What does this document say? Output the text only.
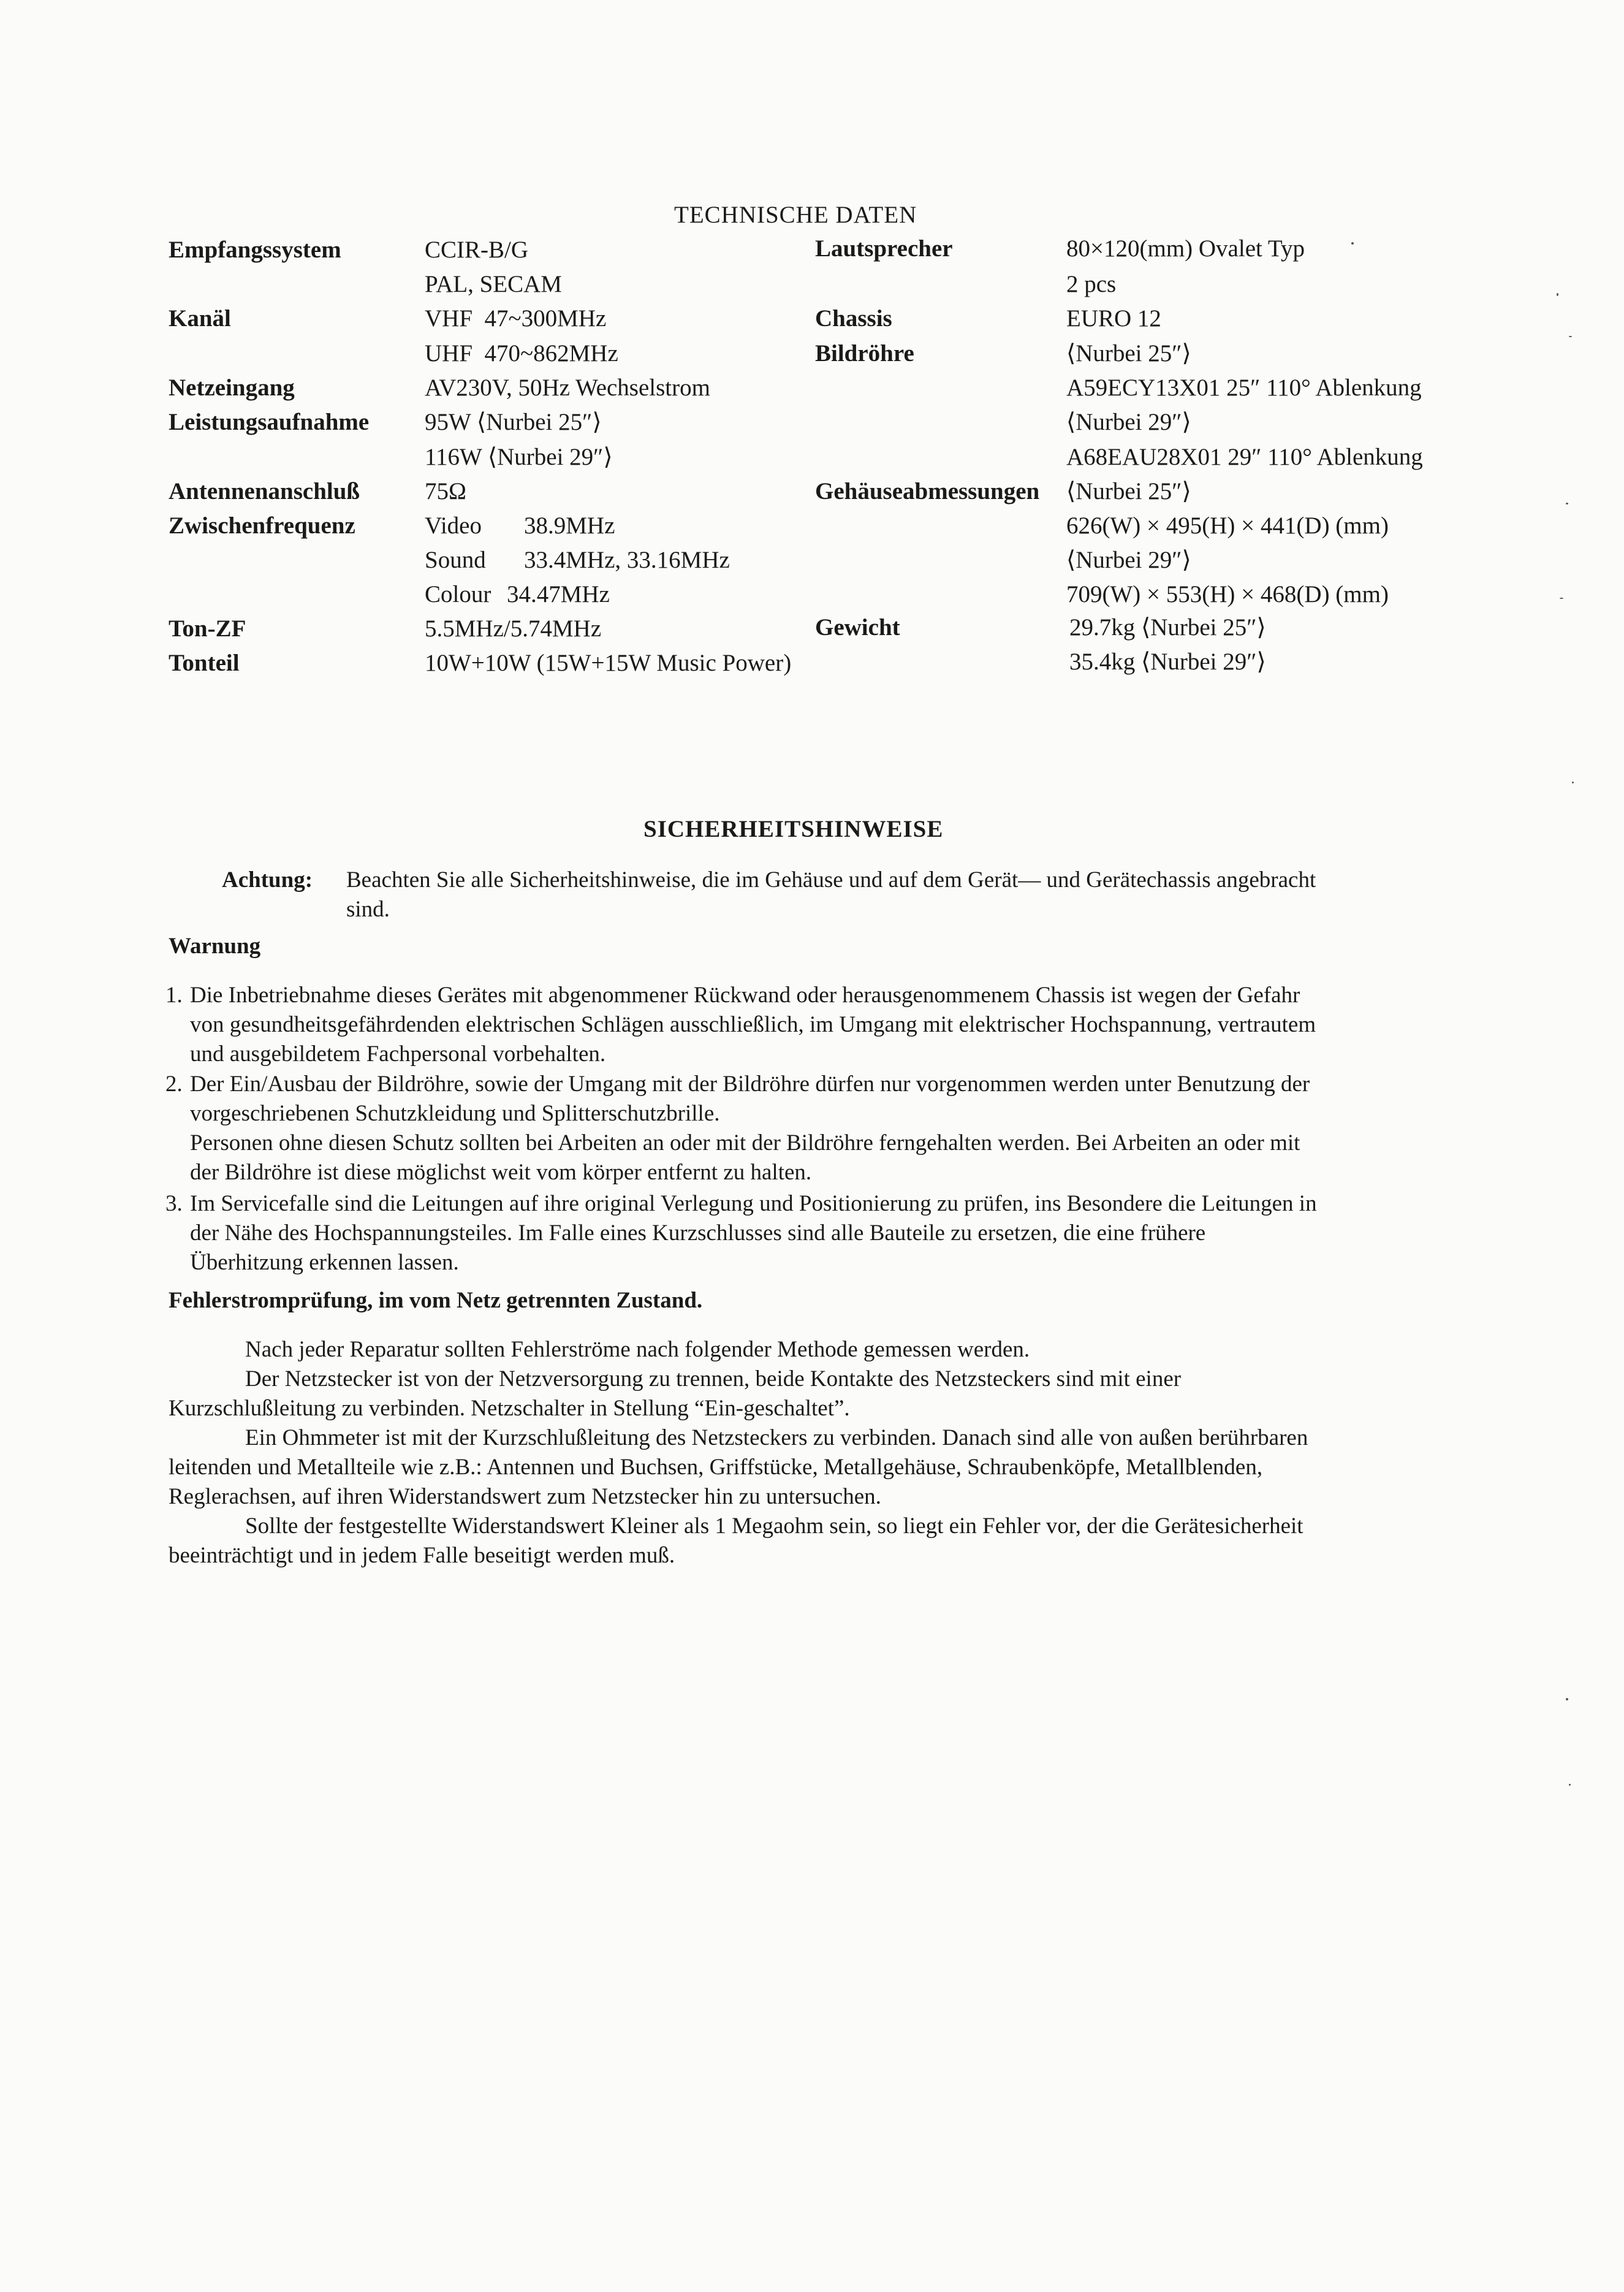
TECHNISCHE DATEN
Empfangssystem
Kanäl
Netzeingang
Leistungsaufnahme
Antennenanschluß
Zwischenfrequenz
Ton-ZF
Tonteil
CCIR-B/G
PAL, SECAM
VHF  47~300MHz
UHF  470~862MHz
AV230V, 50Hz Wechselstrom
95W ⟨Nurbei 25″⟩
116W ⟨Nurbei 29″⟩
75Ω
Video
Sound
Colour
38.9MHz
33.4MHz, 33.16MHz
34.47MHz
5.5MHz/5.74MHz
10W+10W (15W+15W Music Power)
Lautsprecher
Chassis
Bildröhre
Gehäuseabmessungen
Gewicht
80×120(mm) Ovalet Typ
2 pcs
EURO 12
⟨Nurbei 25″⟩
A59ECY13X01 25″ 110° Ablenkung
⟨Nurbei 29″⟩
A68EAU28X01 29″ 110° Ablenkung
⟨Nurbei 25″⟩
626(W) × 495(H) × 441(D) (mm)
⟨Nurbei 29″⟩
709(W) × 553(H) × 468(D) (mm)
29.7kg ⟨Nurbei 25″⟩
35.4kg ⟨Nurbei 29″⟩
SICHERHEITSHINWEISE
Achtung: Beachten Sie alle Sicherheitshinweise, die im Gehäuse und auf dem Gerät— und Gerätechassis angebracht
sind.
Warnung
1. Die Inbetriebnahme dieses Gerätes mit abgenommener Rückwand oder herausgenommenem Chassis ist wegen der Gefahr
von gesundheitsgefährdenden elektrischen Schlägen ausschließlich, im Umgang mit elektrischer Hochspannung, vertrautem
und ausgebildetem Fachpersonal vorbehalten.
2. Der Ein/Ausbau der Bildröhre, sowie der Umgang mit der Bildröhre dürfen nur vorgenommen werden unter Benutzung der
vorgeschriebenen Schutzkleidung und Splitterschutzbrille.
Personen ohne diesen Schutz sollten bei Arbeiten an oder mit der Bildröhre ferngehalten werden. Bei Arbeiten an oder mit
der Bildröhre ist diese möglichst weit vom körper entfernt zu halten.
3. Im Servicefalle sind die Leitungen auf ihre original Verlegung und Positionierung zu prüfen, ins Besondere die Leitungen in
der Nähe des Hochspannungsteiles. Im Falle eines Kurzschlusses sind alle Bauteile zu ersetzen, die eine frühere
Überhitzung erkennen lassen.
Fehlerstromprüfung, im vom Netz getrennten Zustand.
Nach jeder Reparatur sollten Fehlerströme nach folgender Methode gemessen werden.
Der Netzstecker ist von der Netzversorgung zu trennen, beide Kontakte des Netzsteckers sind mit einer
Kurzschlußleitung zu verbinden. Netzschalter in Stellung “Ein-geschaltet”.
Ein Ohmmeter ist mit der Kurzschlußleitung des Netzsteckers zu verbinden. Danach sind alle von außen berührbaren
leitenden und Metallteile wie z.B.: Antennen und Buchsen, Griffstücke, Metallgehäuse, Schraubenköpfe, Metallblenden,
Reglerachsen, auf ihren Widerstandswert zum Netzstecker hin zu untersuchen.
Sollte der festgestellte Widerstandswert Kleiner als 1 Megaohm sein, so liegt ein Fehler vor, der die Gerätesicherheit
beeinträchtigt und in jedem Falle beseitigt werden muß.
